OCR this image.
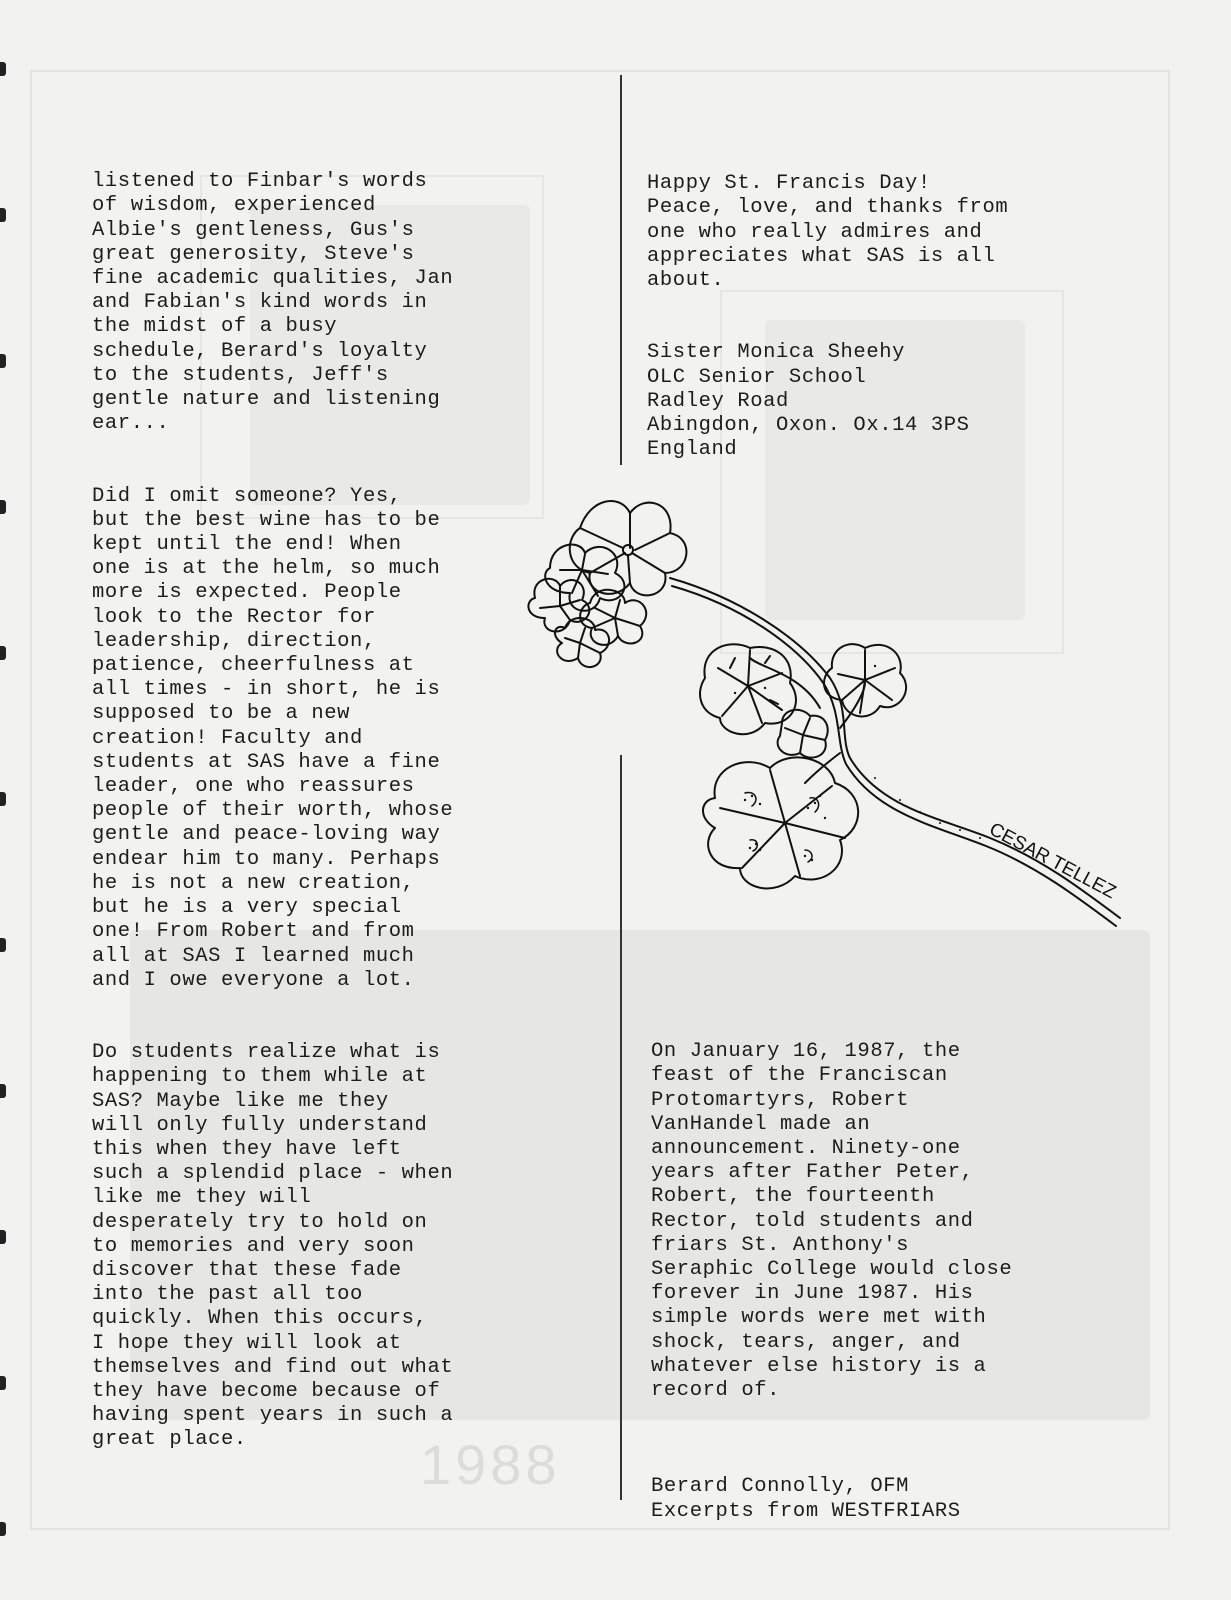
1988

listened to Finbar's words
of wisdom, experienced
Albie's gentleness, Gus's
great generosity, Steve's
fine academic qualities, Jan
and Fabian's kind words in
the midst of a busy
schedule, Berard's loyalty
to the students, Jeff's
gentle nature and listening
ear...

Did I omit someone? Yes,
but the best wine has to be
kept until the end! When
one is at the helm, so much
more is expected. People
look to the Rector for
leadership, direction,
patience, cheerfulness at
all times - in short, he is
supposed to be a new
creation! Faculty and
students at SAS have a fine
leader, one who reassures
people of their worth, whose
gentle and peace-loving way
endear him to many. Perhaps
he is not a new creation,
but he is a very special
one! From Robert and from
all at SAS I learned much
and I owe everyone a lot.

Do students realize what is
happening to them while at
SAS? Maybe like me they
will only fully understand
this when they have left
such a splendid place - when
like me they will
desperately try to hold on
to memories and very soon
discover that these fade
into the past all too
quickly. When this occurs,
I hope they will look at
themselves and find out what
they have become because of
having spent years in such a
great place.

Happy St. Francis Day!
Peace, love, and thanks from
one who really admires and
appreciates what SAS is all
about.

Sister Monica Sheehy
OLC Senior School
Radley Road
Abingdon, Oxon. Ox.14 3PS
England

CESAR TELLEZ

On January 16, 1987, the
feast of the Franciscan
Protomartyrs, Robert
VanHandel made an
announcement. Ninety-one
years after Father Peter,
Robert, the fourteenth
Rector, told students and
friars St. Anthony's
Seraphic College would close
forever in June 1987. His
simple words were met with
shock, tears, anger, and
whatever else history is a
record of.

Berard Connolly, OFM
Excerpts from WESTFRIARS
